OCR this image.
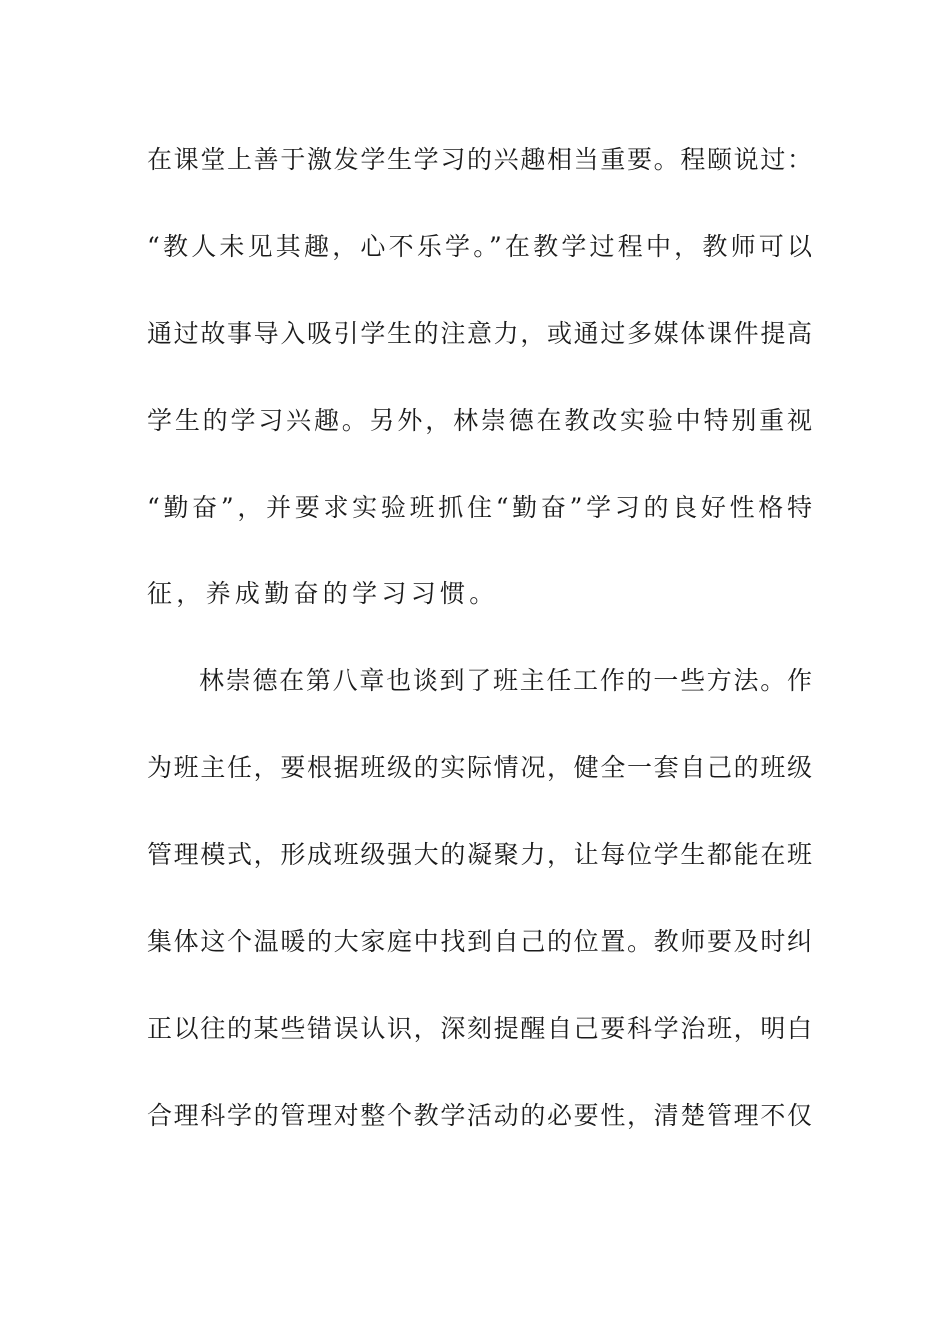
在课堂上善于激发学生学习的兴趣相当重要。程颐说过：
“教人未见其趣，心不乐学。”在教学过程中，教师可以
通过故事导入吸引学生的注意力，或通过多媒体课件提高
学生的学习兴趣。另外，林崇德在教改实验中特别重视
“勤奋”，并要求实验班抓住“勤奋”学习的良好性格特
征，养成勤奋的学习习惯。
林崇德在第八章也谈到了班主任工作的一些方法。作
为班主任，要根据班级的实际情况，健全一套自己的班级
管理模式，形成班级强大的凝聚力，让每位学生都能在班
集体这个温暖的大家庭中找到自己的位置。教师要及时纠
正以往的某些错误认识，深刻提醒自己要科学治班，明白
合理科学的管理对整个教学活动的必要性，清楚管理不仅
